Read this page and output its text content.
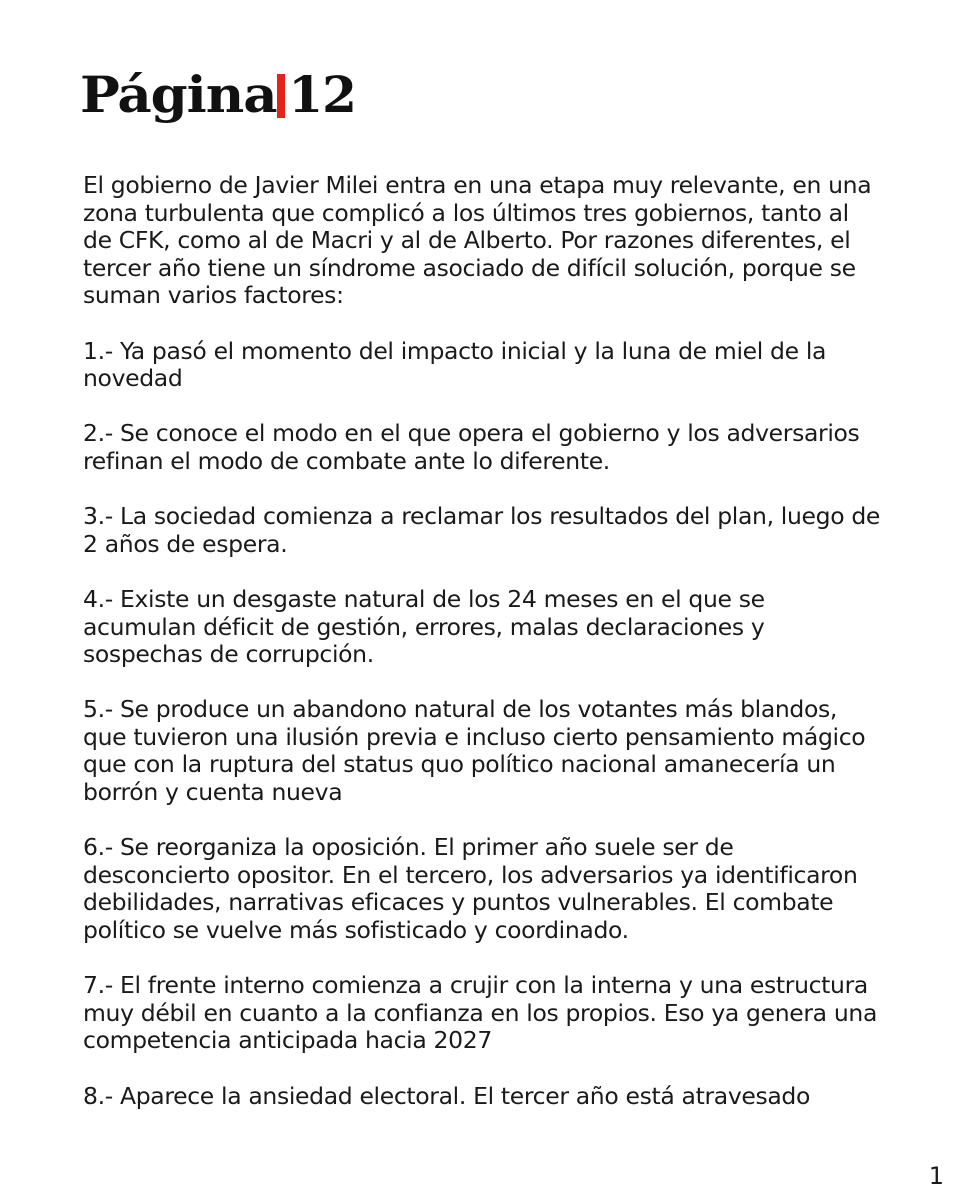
Página 12

El gobierno de Javier Milei entra en una etapa muy relevante, en una zona turbulenta que complicó a los últimos tres gobiernos, tanto al de CFK, como al de Macri y al de Alberto. Por razones diferentes, el tercer año tiene un síndrome asociado de difícil solución, porque se suman varios factores:

1.- Ya pasó el momento del impacto inicial y la luna de miel de la novedad

2.- Se conoce el modo en el que opera el gobierno y los adversarios refinan el modo de combate ante lo diferente.

3.- La sociedad comienza a reclamar los resultados del plan, luego de 2 años de espera.

4.- Existe un desgaste natural de los 24 meses en el que se acumulan déficit de gestión, errores, malas declaraciones y sospechas de corrupción.

5.- Se produce un abandono natural de los votantes más blandos, que tuvieron una ilusión previa e incluso cierto pensamiento mágico que con la ruptura del status quo político nacional amanecería un borrón y cuenta nueva

6.- Se reorganiza la oposición. El primer año suele ser de desconcierto opositor. En el tercero, los adversarios ya identificaron debilidades, narrativas eficaces y puntos vulnerables. El combate político se vuelve más sofisticado y coordinado.

7.- El frente interno comienza a crujir con la interna y una estructura muy débil en cuanto a la confianza en los propios. Eso ya genera una competencia anticipada hacia 2027

8.- Aparece la ansiedad electoral. El tercer año está atravesado

1
